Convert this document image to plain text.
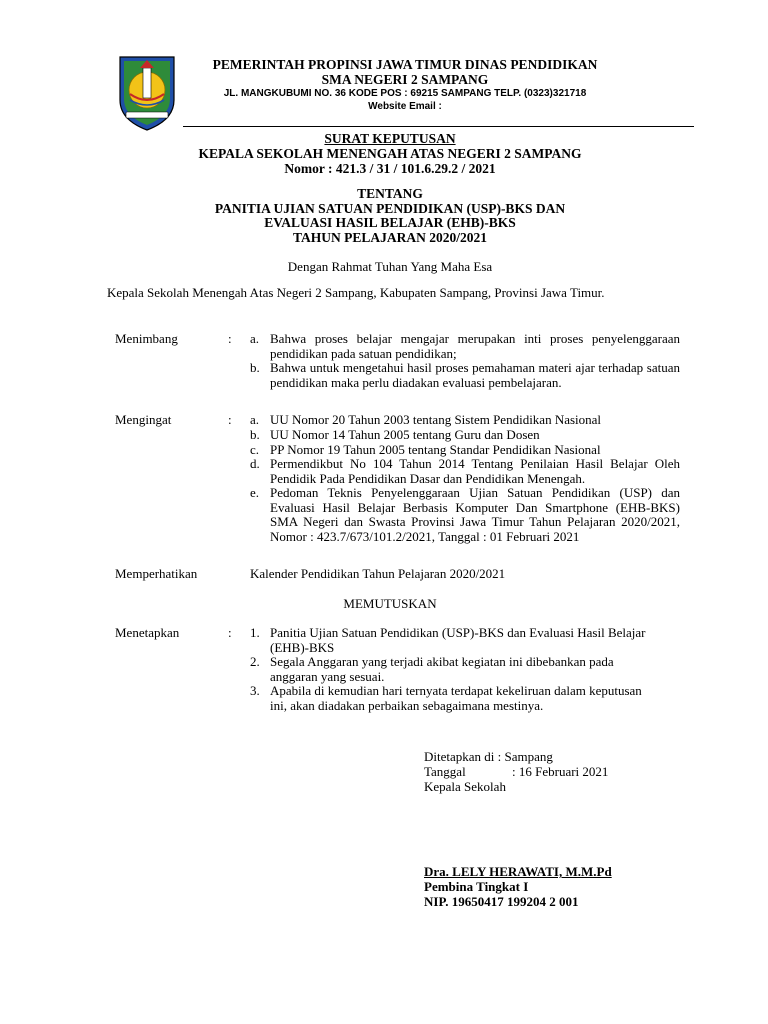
PEMERINTAH PROPINSI JAWA TIMUR DINAS PENDIDIKAN
SMA NEGERI 2 SAMPANG
JL. MANGKUBUMI NO. 36 KODE POS : 69215 SAMPANG TELP. (0323)321718
Website Email :
SURAT KEPUTUSAN
KEPALA SEKOLAH MENENGAH ATAS NEGERI 2 SAMPANG
Nomor : 421.3 / 31 / 101.6.29.2 / 2021
TENTANG
PANITIA UJIAN SATUAN PENDIDIKAN (USP)-BKS DAN
EVALUASI HASIL BELAJAR (EHB)-BKS
TAHUN PELAJARAN 2020/2021
Dengan Rahmat Tuhan Yang Maha Esa
Kepala Sekolah Menengah Atas Negeri 2 Sampang, Kabupaten Sampang, Provinsi Jawa Timur.
Menimbang	: a. Bahwa proses belajar mengajar merupakan inti proses penyelenggaraan pendidikan pada satuan pendidikan;
b. Bahwa untuk mengetahui hasil proses pemahaman materi ajar terhadap satuan pendidikan maka perlu diadakan evaluasi pembelajaran.
Mengingat	: a. UU Nomor 20 Tahun 2003 tentang Sistem Pendidikan Nasional
b. UU Nomor 14 Tahun 2005 tentang Guru dan Dosen
c. PP Nomor 19 Tahun 2005 tentang Standar Pendidikan Nasional
d. Permendikbut No 104 Tahun 2014 Tentang Penilaian Hasil Belajar Oleh Pendidik Pada Pendidikan Dasar dan Pendidikan Menengah.
e. Pedoman Teknis Penyelenggaraan Ujian Satuan Pendidikan (USP) dan Evaluasi Hasil Belajar Berbasis Komputer Dan Smartphone (EHB-BKS) SMA Negeri dan Swasta Provinsi Jawa Timur Tahun Pelajaran 2020/2021, Nomor : 423.7/673/101.2/2021, Tanggal : 01 Februari 2021
Memperhatikan	Kalender Pendidikan Tahun Pelajaran 2020/2021
MEMUTUSKAN
Menetapkan	: 1. Panitia Ujian Satuan Pendidikan (USP)-BKS dan Evaluasi Hasil Belajar (EHB)-BKS
2. Segala Anggaran yang terjadi akibat kegiatan ini dibebankan pada anggaran yang sesuai.
3. Apabila di kemudian hari ternyata terdapat kekeliruan dalam keputusan ini, akan diadakan perbaikan sebagaimana mestinya.
Ditetapkan di : Sampang
Tanggal	: 16 Februari 2021
Kepala Sekolah
Dra. LELY HERAWATI, M.M.Pd
Pembina Tingkat I
NIP. 19650417 199204 2 001
